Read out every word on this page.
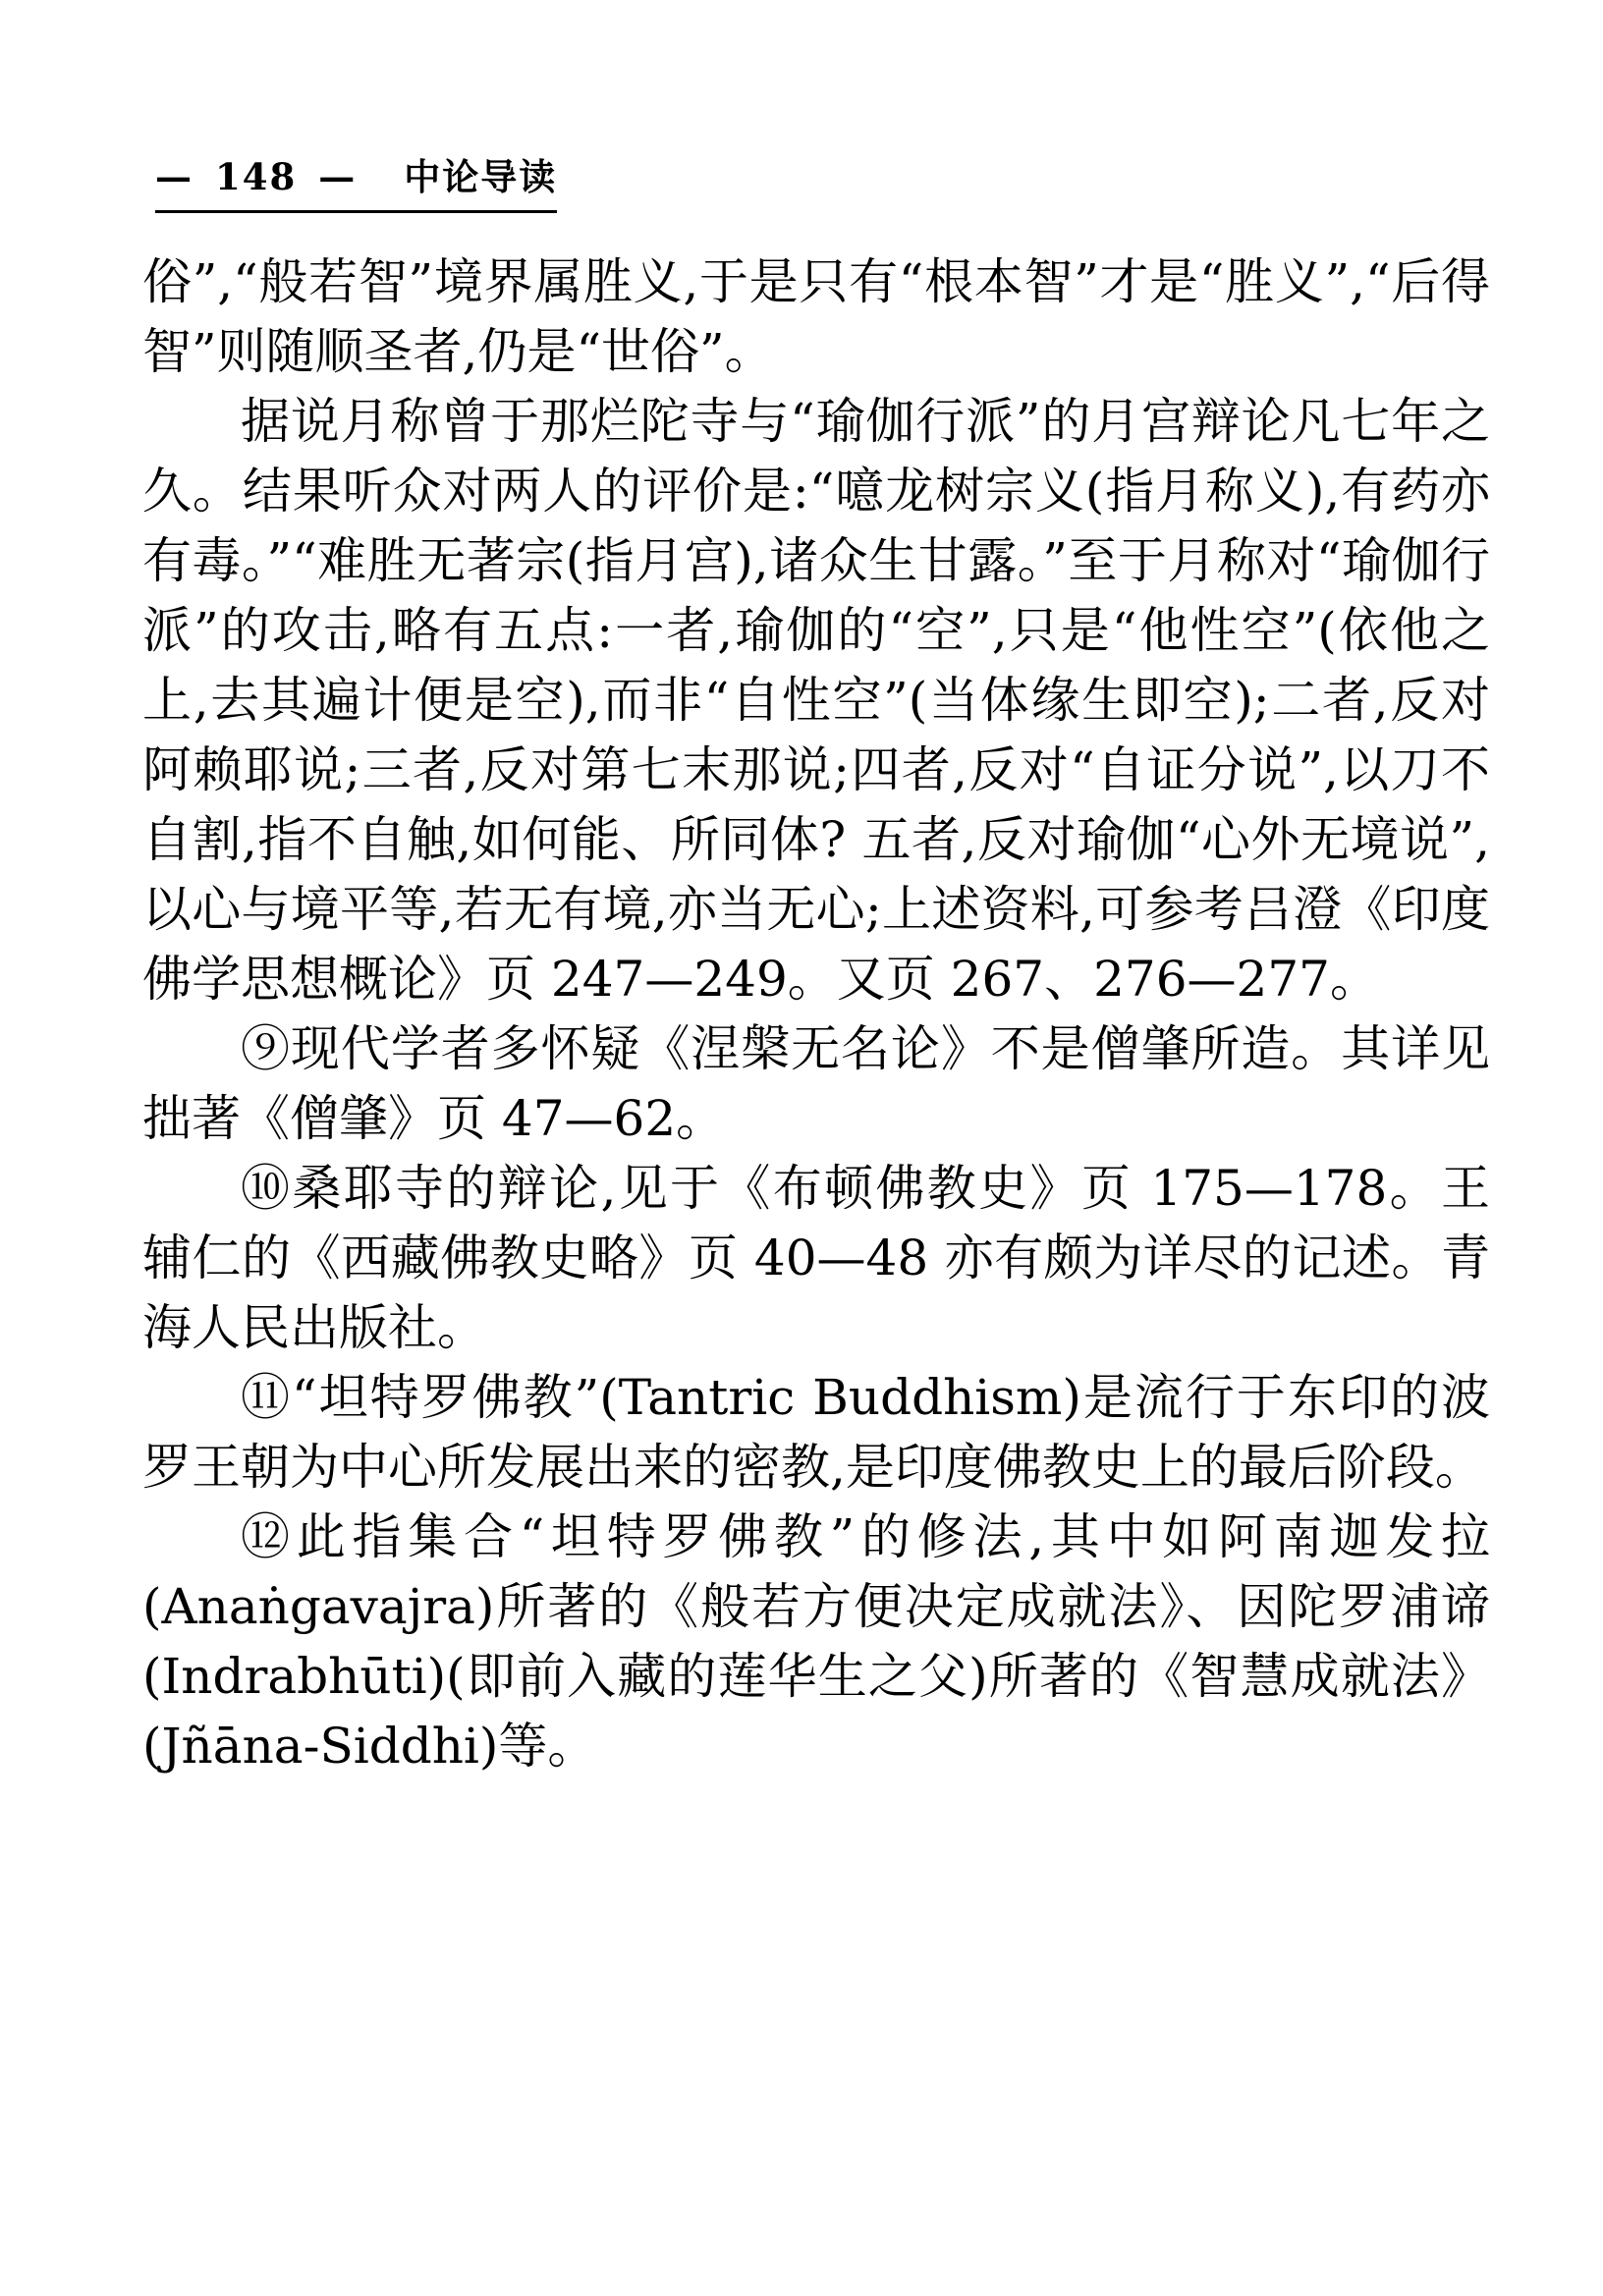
— 148 — 中论导读

俗”,“般若智”境界属胜义,于是只有“根本智”才是“胜义”,“后得智”则随顺圣者,仍是“世俗”。

据说月称曾于那烂陀寺与“瑜伽行派”的月宫辩论凡七年之久。结果听众对两人的评价是:“噫龙树宗义(指月称义),有药亦有毒。”“难胜无著宗(指月宫),诸众生甘露。”至于月称对“瑜伽行派”的攻击,略有五点:一者,瑜伽的“空”,只是“他性空”(依他之上,去其遍计便是空),而非“自性空”(当体缘生即空);二者,反对阿赖耶说;三者,反对第七末那说;四者,反对“自证分说”,以刀不自割,指不自触,如何能、所同体? 五者,反对瑜伽“心外无境说”,以心与境平等,若无有境,亦当无心;上述资料,可参考吕澄《印度佛学思想概论》页 247—249。又页 267、276—277。

⑨现代学者多怀疑《涅槃无名论》不是僧肇所造。其详见拙著《僧肇》页 47—62。

⑩桑耶寺的辩论,见于《布顿佛教史》页 175—178。王辅仁的《西藏佛教史略》页 40—48 亦有颇为详尽的记述。青海人民出版社。

⑪“坦特罗佛教”(Tantric Buddhism)是流行于东印的波罗王朝为中心所发展出来的密教,是印度佛教史上的最后阶段。

⑫此指集合“坦特罗佛教”的修法,其中如阿南迦发拉(Anaṅgavajra)所著的《般若方便决定成就法》、因陀罗浦谛(Indrabhūti)(即前入藏的莲华生之父)所著的《智慧成就法》(Jñāna-Siddhi)等。
